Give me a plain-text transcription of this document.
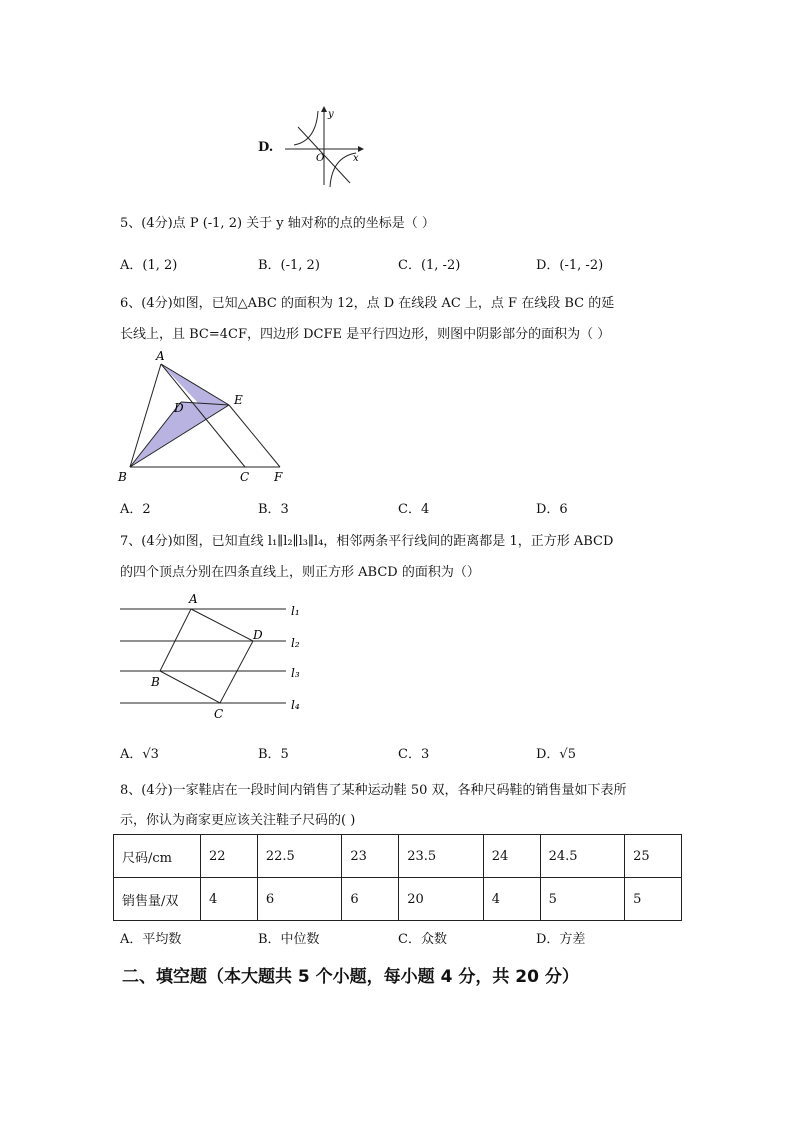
D.
y
x
O
5、(4分)点 P (-1, 2) 关于 y 轴对称的点的坐标是（ ）
A．(1, 2)	B．(-1, 2)	C．(1, -2)	D．(-1, -2)
6、(4分)如图，已知△ABC 的面积为 12，点 D 在线段 AC 上，点 F 在线段 BC 的延
长线上，且 BC=4CF，四边形 DCFE 是平行四边形，则图中阴影部分的面积为（ ）
A
D
E
B	C F
A．2	B．3	C．4	D．6
7、(4分)如图，已知直线 l₁∥l₂∥l₃∥l₄，相邻两条平行线间的距离都是 1，正方形 ABCD
的四个顶点分别在四条直线上，则正方形 ABCD 的面积为（）
A
D
B
C
l₁
l₂
l₃
l₄
A．√3	B．5	C．3	D．√5
8、(4分)一家鞋店在一段时间内销售了某种运动鞋 50 双，各种尺码鞋的销售量如下表所
示，你认为商家更应该关注鞋子尺码的( )
尺码/cm	22	22.5	23	23.5	24	24.5	25
销售量/双	4	6	6	20	4	5	5
A．平均数	B．中位数	C．众数	D．方差
二、填空题（本大题共 5 个小题，每小题 4 分，共 20 分）
